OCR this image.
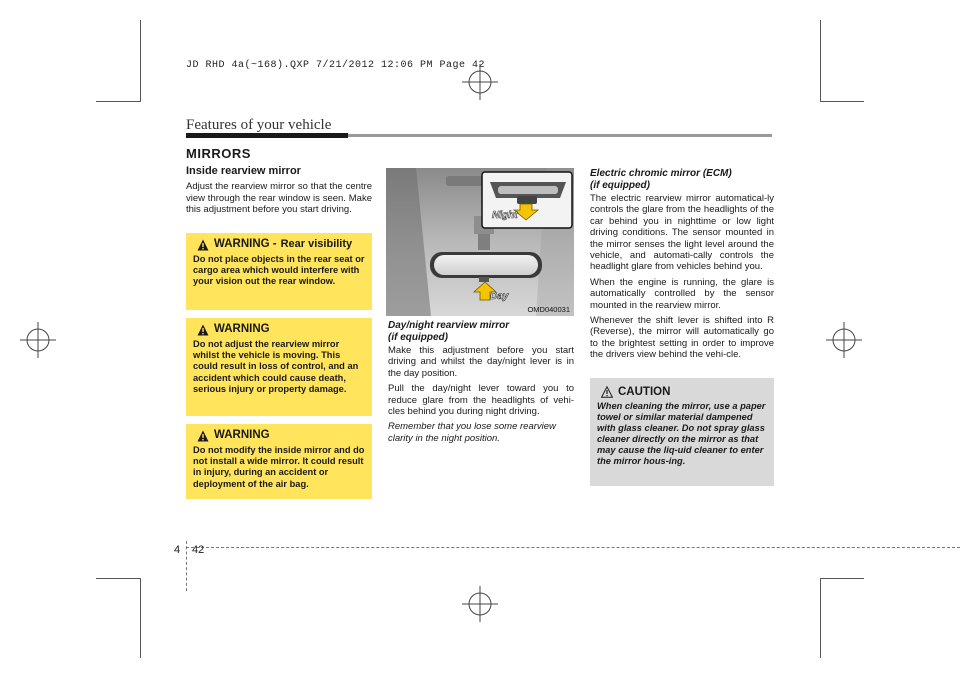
JD RHD 4a(~168).QXP 7/21/2012 12:06 PM Page 42
Features of your vehicle
MIRRORS
Inside rearview mirror

Adjust the rearview mirror so that the centre view through the rear window is seen. Make this adjustment before you start driving.

WARNING - Rear visibility
Do not place objects in the rear seat or cargo area which would interfere with your vision out the rear window.
WARNING
Do not adjust the rearview mirror whilst the vehicle is moving. This could result in loss of control, and an accident which could cause death, serious injury or property damage.
WARNING
Do not modify the inside mirror and do not install a wide mirror. It could result in injury, during an accident or deployment of the air bag.
Night
Day
OMD040031
Day/night rearview mirror
(if equipped)

Make this adjustment before you start driving and whilst the day/night lever is in the day position.

Pull the day/night lever toward you to reduce glare from the headlights of vehi-cles behind you during night driving.

Remember that you lose some rearview clarity in the night position.

Electric chromic mirror (ECM)
(if equipped)

The electric rearview mirror automatical-ly controls the glare from the headlights of the car behind you in nighttime or low light driving conditions. The sensor mounted in the mirror senses the light level around the vehicle, and automati-cally controls the headlight glare from vehicles behind you.

When the engine is running, the glare is automatically controlled by the sensor mounted in the rearview mirror.

Whenever the shift lever is shifted into R (Reverse), the mirror will automatically go to the brightest setting in order to improve the drivers view behind the vehi-cle.

CAUTION
When cleaning the mirror, use a paper towel or similar material dampened with glass cleaner. Do not spray glass cleaner directly on the mirror as that may cause the liq-uid cleaner to enter the mirror hous-ing.
4 42
